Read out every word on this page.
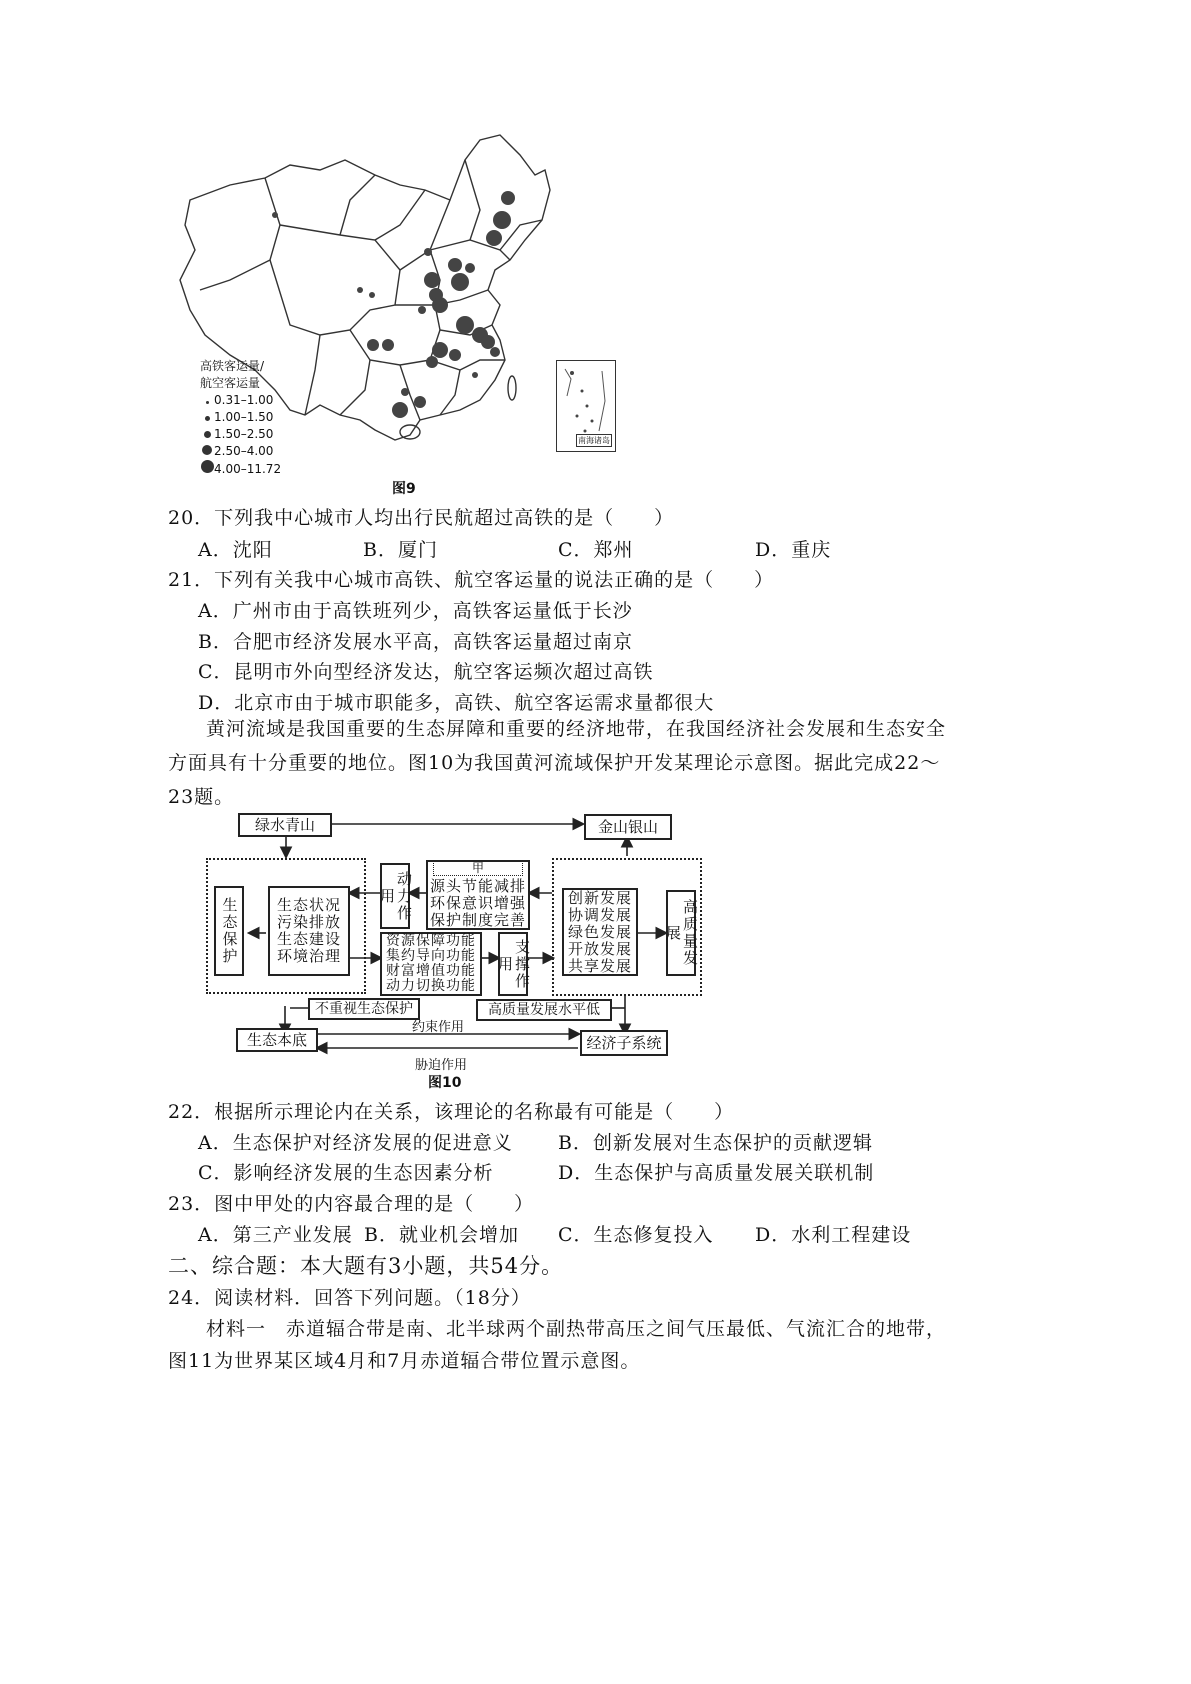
高铁客运量/
航空客运量
0.31–1.00
1.00–1.50
1.50–2.50
2.50–4.00
4.00–11.72
南海诸岛
图9
20．下列我中心城市人均出行民航超过高铁的是（　　）
A．沈阳	B．厦门	C．郑州	D．重庆
21．下列有关我中心城市高铁、航空客运量的说法正确的是（　　）
A．广州市由于高铁班列少，高铁客运量低于长沙
B．合肥市经济发展水平高，高铁客运量超过南京
C．昆明市外向型经济发达，航空客运频次超过高铁
D．北京市由于城市职能多，高铁、航空客运需求量都很大
黄河流域是我国重要的生态屏障和重要的经济地带，在我国经济社会发展和生态安全
方面具有十分重要的地位。图10为我国黄河流域保护开发某理论示意图。据此完成22～
23题。
绿水青山	金山银山
生态保护	生态状况
污染排放
生态建设
环境治理
动力作用
甲
源头节能减排
环保意识增强
保护制度完善
资源保障功能
集约导向功能
财富增值功能
动力切换功能	支撑作用
创新发展
协调发展
绿色发展
开放发展
共享发展	高质量发展
不重视生态保护	高质量发展水平低
生态本底	经济子系统
约束作用
胁迫作用
图10
22．根据所示理论内在关系，该理论的名称最有可能是（　　）
A．生态保护对经济发展的促进意义 B．创新发展对生态保护的贡献逻辑
C．影响经济发展的生态因素分析	D．生态保护与高质量发展关联机制
23．图中甲处的内容最合理的是（　　）
A．第三产业发展 B．就业机会增加 C．生态修复投入 D．水利工程建设
二、综合题：本大题有3小题，共54分。
24．阅读材料．回答下列问题。（18分）
材料一　赤道辐合带是南、北半球两个副热带高压之间气压最低、气流汇合的地带，
图11为世界某区域4月和7月赤道辐合带位置示意图。
